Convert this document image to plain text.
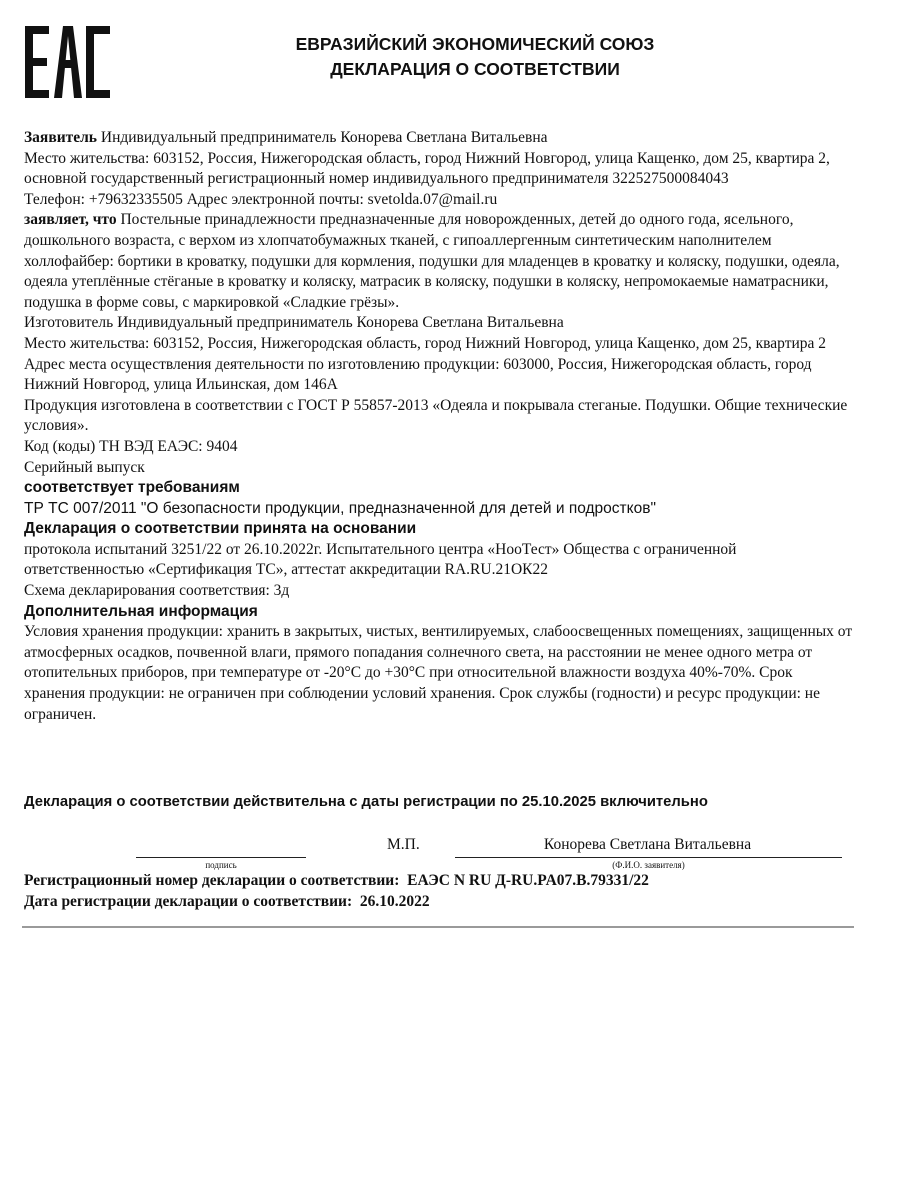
ЕВРАЗИЙСКИЙ ЭКОНОМИЧЕСКИЙ СОЮЗ
ДЕКЛАРАЦИЯ О СООТВЕТСТВИИ

Заявитель Индивидуальный предприниматель Конорева Светлана Витальевна

Место жительства: 603152, Россия, Нижегородская область, город Нижний Новгород, улица Кащенко, дом 25, квартира 2, основной государственный регистрационный номер индивидуального предпринимателя 322527500084043

Телефон: +79632335505 Адрес электронной почты: svetolda.07@mail.ru

заявляет, что Постельные принадлежности предназначенные для новорожденных, детей до одного года, ясельного, дошкольного возраста, с верхом из хлопчатобумажных тканей, с гипоаллергенным синтетическим наполнителем холлофайбер: бортики в кроватку, подушки для кормления, подушки для младенцев в кроватку и коляску, подушки, одеяла, одеяла утеплённые стёганые в кроватку и коляску, матрасик в коляску, подушки в коляску, непромокаемые наматрасники, подушка в форме совы, с маркировкой «Сладкие грёзы».

Изготовитель Индивидуальный предприниматель Конорева Светлана Витальевна

Место жительства: 603152, Россия, Нижегородская область, город Нижний Новгород, улица Кащенко, дом 25, квартира 2

Адрес места осуществления деятельности по изготовлению продукции: 603000, Россия, Нижегородская область, город Нижний Новгород, улица Ильинская, дом 146А

Продукция изготовлена в соответствии с ГОСТ Р 55857-2013 «Одеяла и покрывала стеганые. Подушки. Общие технические условия».

Код (коды) ТН ВЭД ЕАЭС: 9404

Серийный выпуск

соответствует требованиям

ТР ТС 007/2011 "О безопасности продукции, предназначенной для детей и подростков"

Декларация о соответствии принята на основании

протокола испытаний 3251/22 от 26.10.2022г. Испытательного центра «НооТест» Общества с ограниченной ответственностью «Сертификация ТС», аттестат аккредитации RA.RU.21ОК22

Схема декларирования соответствия: 3д

Дополнительная информация

Условия хранения продукции: хранить в закрытых, чистых, вентилируемых, слабоосвещенных помещениях, защищенных от атмосферных осадков, почвенной влаги, прямого попадания солнечного света, на расстоянии не менее одного метра от отопительных приборов, при температуре от -20°С до +30°С при относительной влажности воздуха 40%-70%. Срок хранения продукции: не ограничен при соблюдении условий хранения. Срок службы (годности) и ресурс продукции: не ограничен.

Декларация о соответствии действительна с даты регистрации по 25.10.2025 включительно
подпись
М.П.	Конорева Светлана Витальевна
(Ф.И.О. заявителя)
Регистрационный номер декларации о соответствии: ЕАЭС N RU Д-RU.PA07.B.79331/22
Дата регистрации декларации о соответствии: 26.10.2022
